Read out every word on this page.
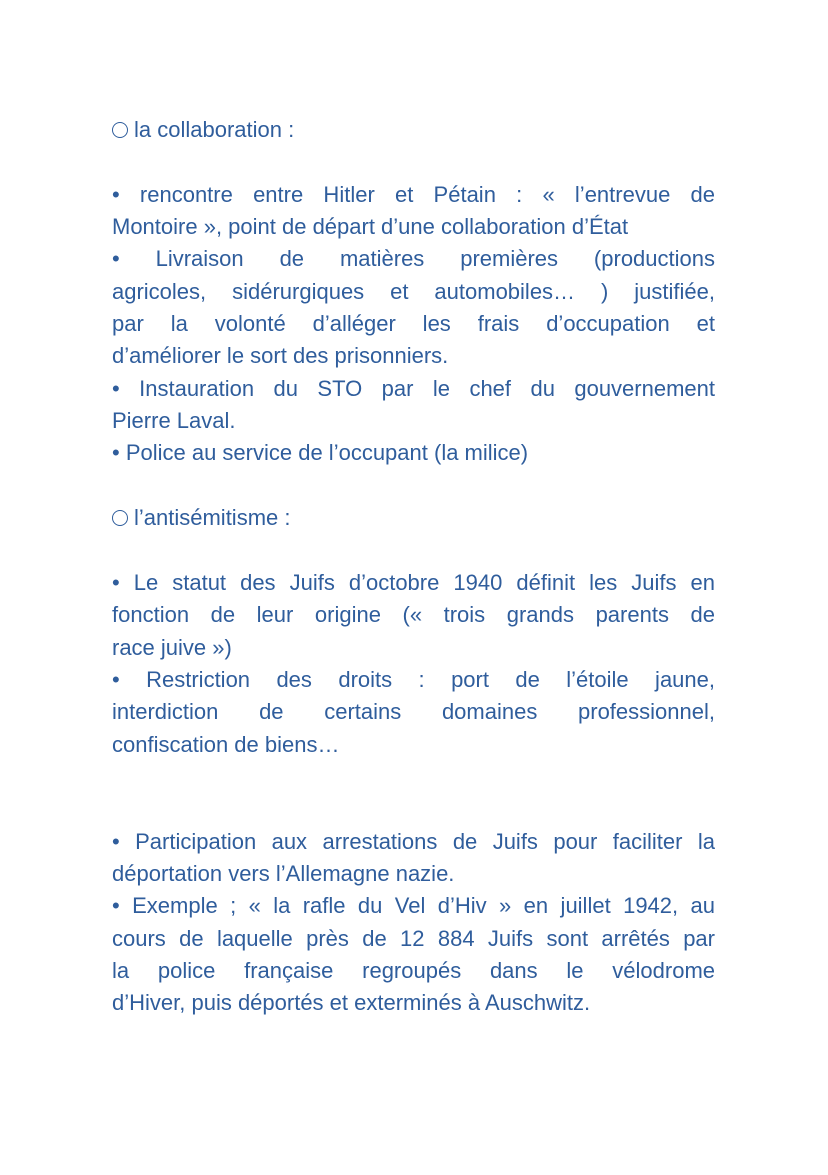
la collaboration :
• rencontre entre Hitler et Pétain : « l’entrevue de
Montoire », point de départ d’une collaboration d’État
• Livraison de matières premières (productions
agricoles, sidérurgiques et automobiles… ) justifiée,
par la volonté d’alléger les frais d’occupation et
d’améliorer le sort des prisonniers.
• Instauration du STO par le chef du gouvernement
Pierre Laval.
• Police au service de l’occupant (la milice)
l’antisémitisme :
• Le statut des Juifs d’octobre 1940 définit les Juifs en
fonction de leur origine (« trois grands parents de
race juive »)
• Restriction des droits : port de l’étoile jaune,
interdiction de certains domaines professionnel,
confiscation de biens…
• Participation aux arrestations de Juifs pour faciliter la
déportation vers l’Allemagne nazie.
• Exemple ; « la rafle du Vel d’Hiv » en juillet 1942, au
cours de laquelle près de 12 884 Juifs sont arrêtés par
la police française regroupés dans le vélodrome
d’Hiver, puis déportés et exterminés à Auschwitz.
